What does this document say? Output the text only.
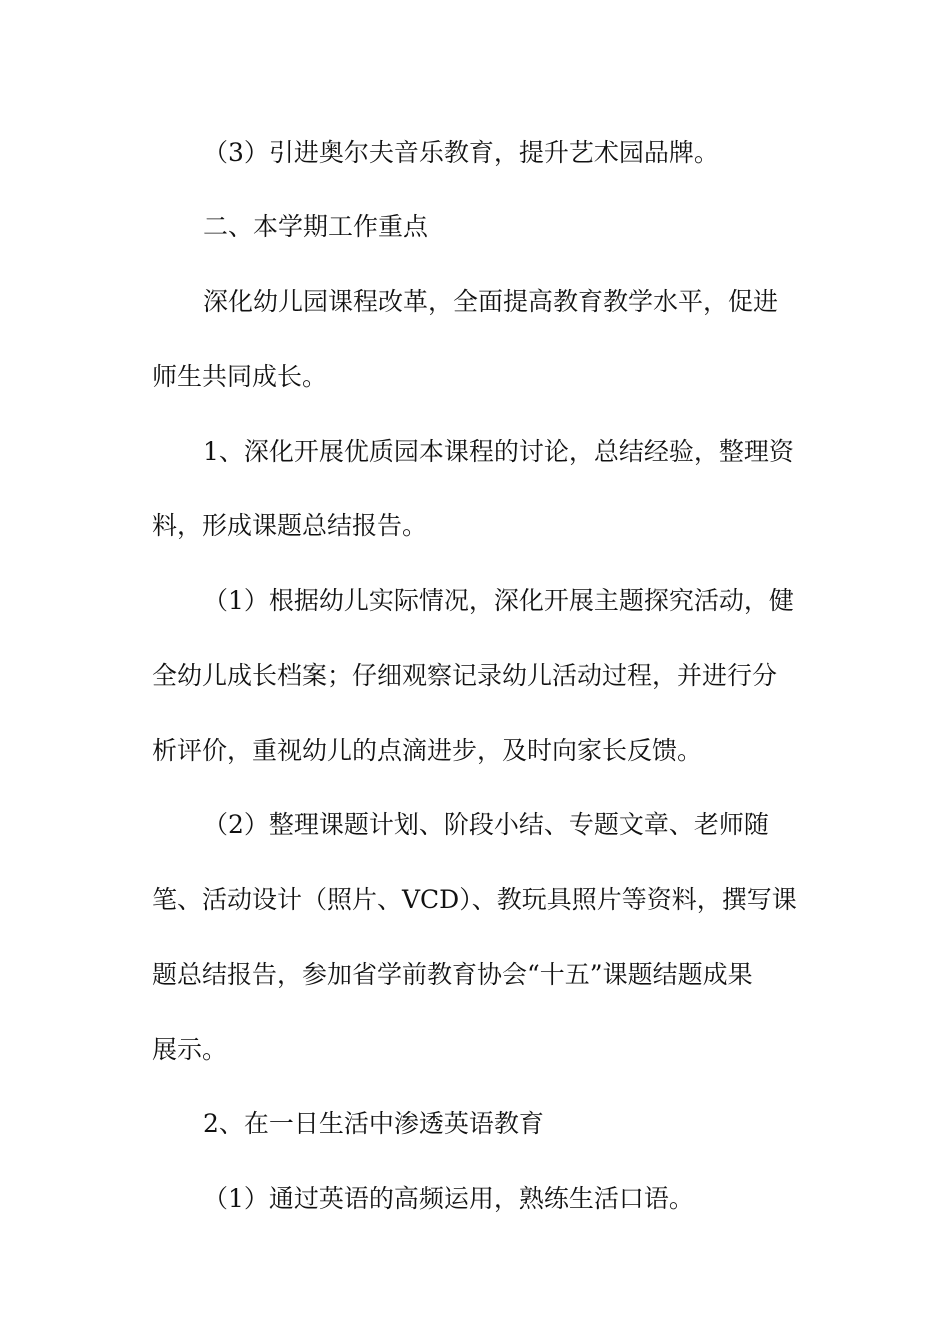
（3）引进奥尔夫音乐教育，提升艺术园品牌。
二、本学期工作重点
深化幼儿园课程改革，全面提高教育教学水平，促进
师生共同成长。
1、深化开展优质园本课程的讨论，总结经验，整理资
料，形成课题总结报告。
（1）根据幼儿实际情况，深化开展主题探究活动，健
全幼儿成长档案；仔细观察记录幼儿活动过程，并进行分
析评价，重视幼儿的点滴进步，及时向家长反馈。
（2）整理课题计划、阶段小结、专题文章、老师随
笔、活动设计（照片、VCD）、教玩具照片等资料，撰写课
题总结报告，参加省学前教育协会“十五”课题结题成果
展示。
2、在一日生活中渗透英语教育
（1）通过英语的高频运用，熟练生活口语。
